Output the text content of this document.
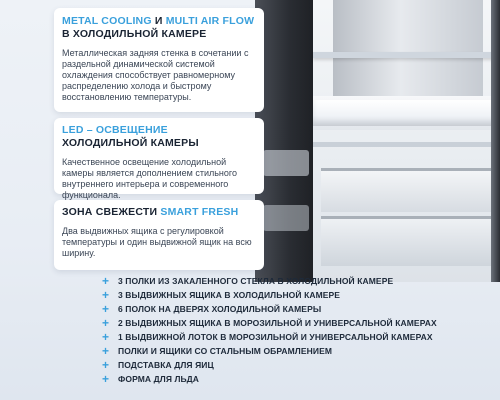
METAL COOLING И MULTI AIR FLOW
В ХОЛОДИЛЬНОЙ КАМЕРЕ
Металлическая задняя стенка в сочетании с раздельной динамической системой охлаждения способствует равномерному распределению холода и быстрому восстановлению температуры.
LED – ОСВЕЩЕНИЕ
ХОЛОДИЛЬНОЙ КАМЕРЫ
Качественное освещение холодильной камеры является дополнением стильного внутреннего интерьера и современного функционала.
ЗОНА СВЕЖЕСТИ SMART FRESH
Два выдвижных ящика с регулировкой температуры и один выдвижной ящик на всю ширину.
+ 3 ПОЛКИ ИЗ ЗАКАЛЕННОГО СТЕКЛА В ХОЛОДИЛЬНОЙ КАМЕРЕ
+ 3 ВЫДВИЖНЫХ ЯЩИКА В ХОЛОДИЛЬНОЙ КАМЕРЕ
+ 6 ПОЛОК НА ДВЕРЯХ ХОЛОДИЛЬНОЙ КАМЕРЫ
+ 2 ВЫДВИЖНЫХ ЯЩИКА В МОРОЗИЛЬНОЙ И УНИВЕРСАЛЬНОЙ КАМЕРАХ
+ 1 ВЫДВИЖНОЙ ЛОТОК В МОРОЗИЛЬНОЙ И УНИВЕРСАЛЬНОЙ КАМЕРАХ
+ ПОЛКИ И ЯЩИКИ СО СТАЛЬНЫМ ОБРАМЛЕНИЕМ
+ ПОДСТАВКА ДЛЯ ЯИЦ
+ ФОРМА ДЛЯ ЛЬДА
